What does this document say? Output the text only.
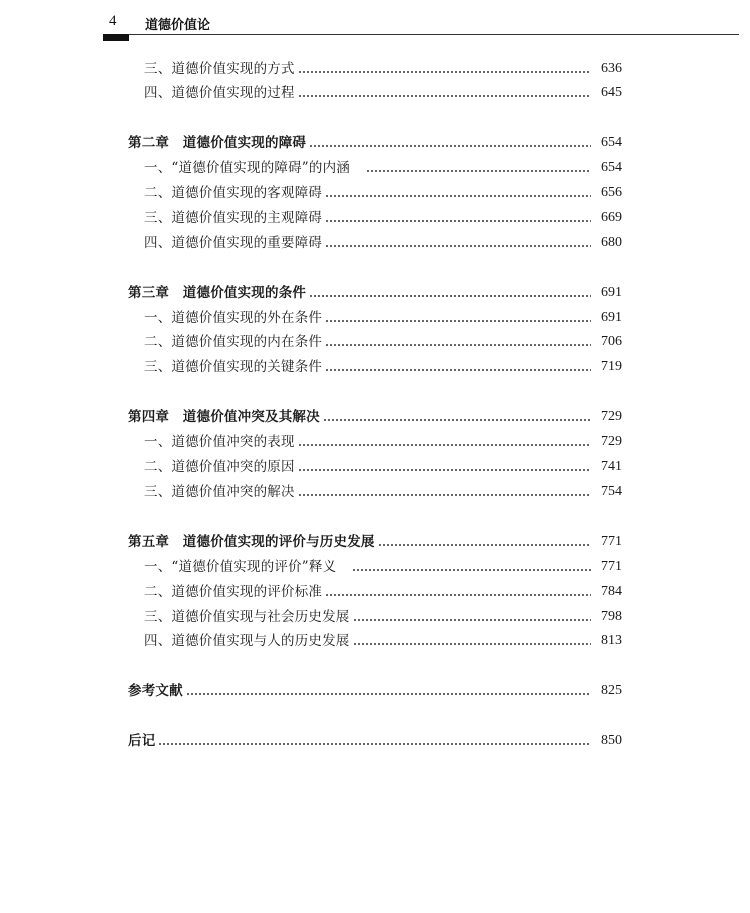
4 道德价值论
三、道德价值实现的方式	636
四、道德价值实现的过程	645
第二章　道德价值实现的障碍	654
一、“道德价值实现的障碍”的内涵	654
二、道德价值实现的客观障碍	656
三、道德价值实现的主观障碍	669
四、道德价值实现的重要障碍	680
第三章　道德价值实现的条件	691
一、道德价值实现的外在条件	691
二、道德价值实现的内在条件	706
三、道德价值实现的关键条件	719
第四章　道德价值冲突及其解决	729
一、道德价值冲突的表现	729
二、道德价值冲突的原因	741
三、道德价值冲突的解决	754
第五章　道德价值实现的评价与历史发展	771
一、“道德价值实现的评价”释义	771
二、道德价值实现的评价标准	784
三、道德价值实现与社会历史发展	798
四、道德价值实现与人的历史发展	813
参考文献	825
后记	850
